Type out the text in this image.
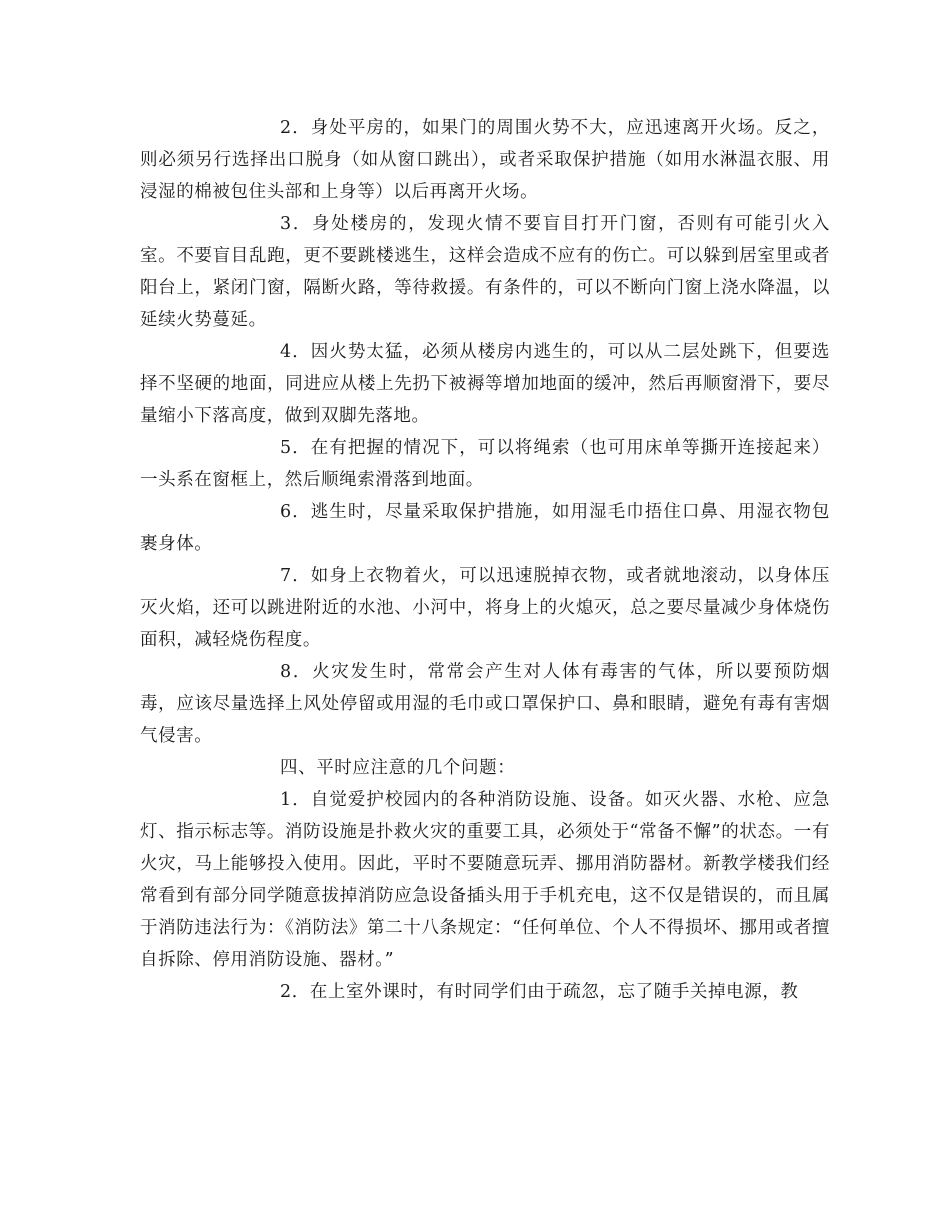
2．身处平房的，如果门的周围火势不大，应迅速离开火场。反之，则必须另行选择出口脱身（如从窗口跳出），或者采取保护措施（如用水淋温衣服、用浸湿的棉被包住头部和上身等）以后再离开火场。

3．身处楼房的，发现火情不要盲目打开门窗，否则有可能引火入室。不要盲目乱跑，更不要跳楼逃生，这样会造成不应有的伤亡。可以躲到居室里或者阳台上，紧闭门窗，隔断火路，等待救援。有条件的，可以不断向门窗上浇水降温，以延续火势蔓延。

4．因火势太猛，必须从楼房内逃生的，可以从二层处跳下，但要选择不坚硬的地面，同进应从楼上先扔下被褥等增加地面的缓冲，然后再顺窗滑下，要尽量缩小下落高度，做到双脚先落地。

5．在有把握的情况下，可以将绳索（也可用床单等撕开连接起来）一头系在窗框上，然后顺绳索滑落到地面。

6．逃生时，尽量采取保护措施，如用湿毛巾捂住口鼻、用湿衣物包裹身体。

7．如身上衣物着火，可以迅速脱掉衣物，或者就地滚动，以身体压灭火焰，还可以跳进附近的水池、小河中，将身上的火熄灭，总之要尽量减少身体烧伤面积，减轻烧伤程度。

8．火灾发生时，常常会产生对人体有毒害的气体，所以要预防烟毒，应该尽量选择上风处停留或用湿的毛巾或口罩保护口、鼻和眼睛，避免有毒有害烟气侵害。

四、平时应注意的几个问题：

1．自觉爱护校园内的各种消防设施、设备。如灭火器、水枪、应急灯、指示标志等。消防设施是扑救火灾的重要工具，必须处于“常备不懈”的状态。一有火灾，马上能够投入使用。因此，平时不要随意玩弄、挪用消防器材。新教学楼我们经常看到有部分同学随意拔掉消防应急设备插头用于手机充电，这不仅是错误的，而且属于消防违法行为：《消防法》第二十八条规定：“任何单位、个人不得损坏、挪用或者擅自拆除、停用消防设施、器材。”

2．在上室外课时，有时同学们由于疏忽，忘了随手关掉电源，教
